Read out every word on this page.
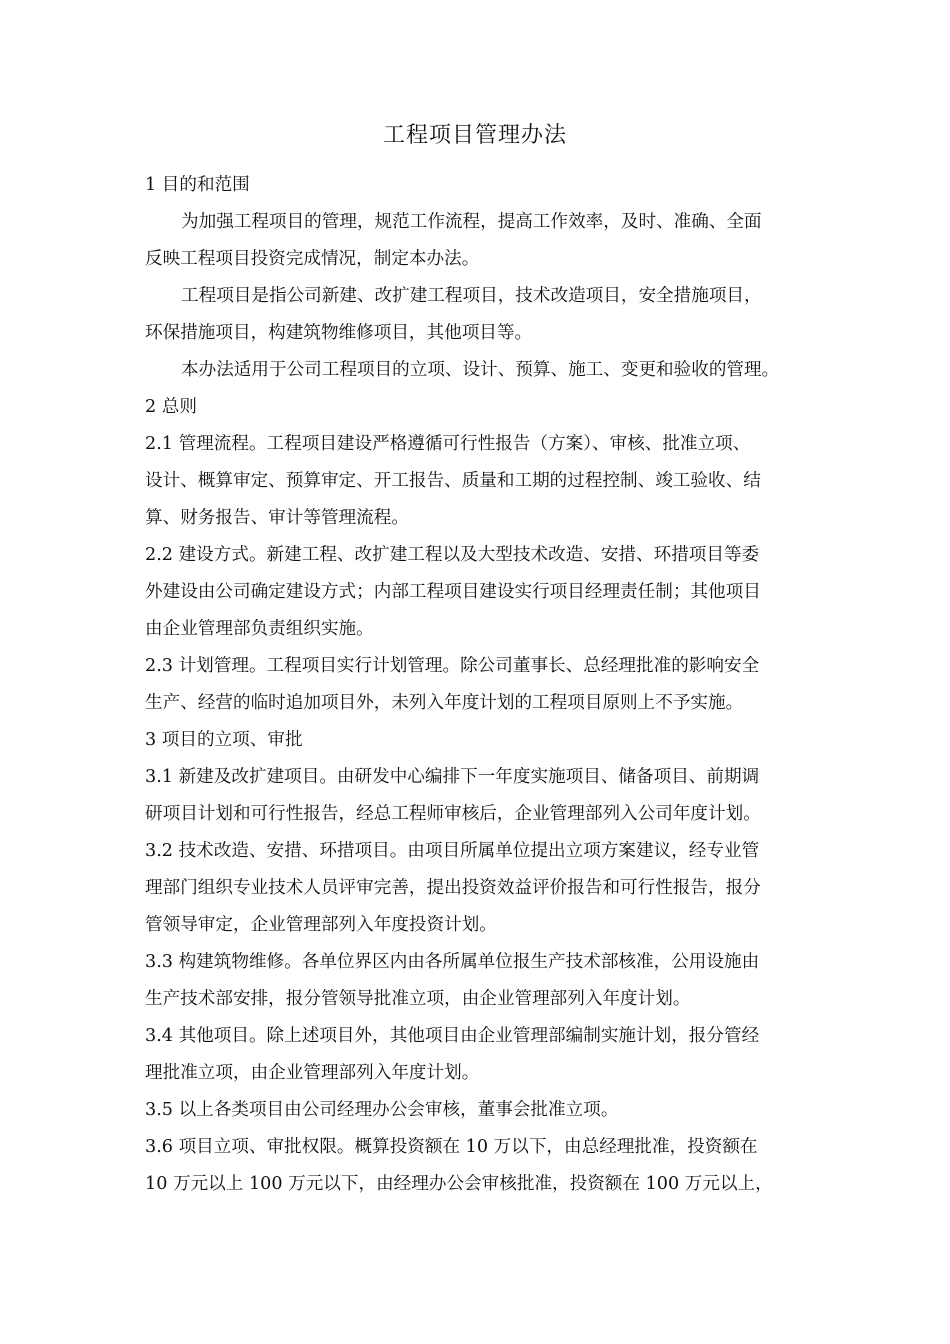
工程项目管理办法
1 目的和范围
为加强工程项目的管理，规范工作流程，提高工作效率，及时、准确、全面
反映工程项目投资完成情况，制定本办法。
工程项目是指公司新建、改扩建工程项目，技术改造项目，安全措施项目，
环保措施项目，构建筑物维修项目，其他项目等。
本办法适用于公司工程项目的立项、设计、预算、施工、变更和验收的管理。
2 总则
2.1 管理流程。工程项目建设严格遵循可行性报告（方案）、审核、批准立项、
设计、概算审定、预算审定、开工报告、质量和工期的过程控制、竣工验收、结
算、财务报告、审计等管理流程。
2.2 建设方式。新建工程、改扩建工程以及大型技术改造、安措、环措项目等委
外建设由公司确定建设方式；内部工程项目建设实行项目经理责任制；其他项目
由企业管理部负责组织实施。
2.3 计划管理。工程项目实行计划管理。除公司董事长、总经理批准的影响安全
生产、经营的临时追加项目外，未列入年度计划的工程项目原则上不予实施。
3 项目的立项、审批
3.1 新建及改扩建项目。由研发中心编排下一年度实施项目、储备项目、前期调
研项目计划和可行性报告，经总工程师审核后，企业管理部列入公司年度计划。
3.2 技术改造、安措、环措项目。由项目所属单位提出立项方案建议，经专业管
理部门组织专业技术人员评审完善，提出投资效益评价报告和可行性报告，报分
管领导审定，企业管理部列入年度投资计划。
3.3 构建筑物维修。各单位界区内由各所属单位报生产技术部核准，公用设施由
生产技术部安排，报分管领导批准立项，由企业管理部列入年度计划。
3.4 其他项目。除上述项目外，其他项目由企业管理部编制实施计划，报分管经
理批准立项，由企业管理部列入年度计划。
3.5 以上各类项目由公司经理办公会审核，董事会批准立项。
3.6 项目立项、审批权限。概算投资额在 10 万以下，由总经理批准，投资额在
10 万元以上 100 万元以下，由经理办公会审核批准，投资额在 100 万元以上，
